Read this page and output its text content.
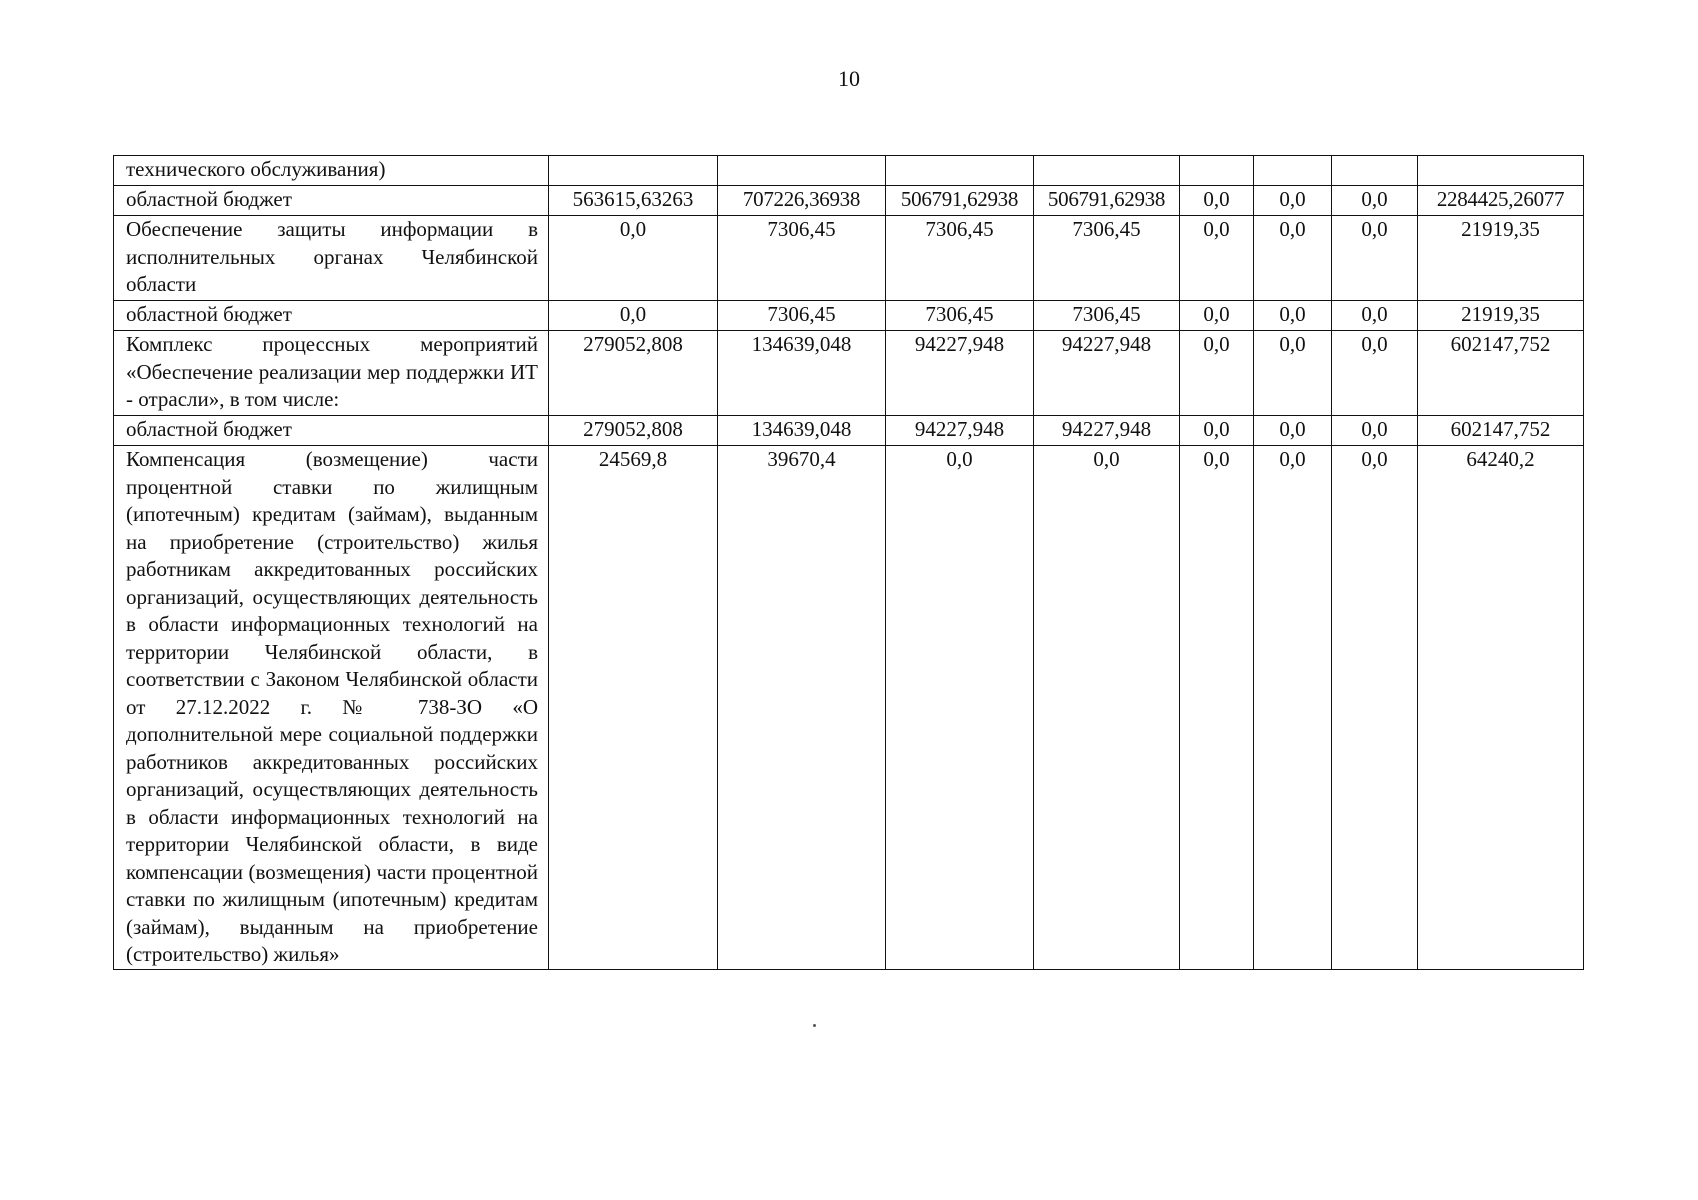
10
технического обслуживания)								
областной бюджет	563615,63263	707226,36938	506791,62938	506791,62938	0,0	0,0	0,0	2284425,26077
Обеспечение защиты информации в исполнительных органах Челябинской области	0,0	7306,45	7306,45	7306,45	0,0	0,0	0,0	21919,35
областной бюджет	0,0	7306,45	7306,45	7306,45	0,0	0,0	0,0	21919,35
Комплекс процессных мероприятий «Обеспечение реализации мер поддержки ИТ - отрасли», в том числе:	279052,808	134639,048	94227,948	94227,948	0,0	0,0	0,0	602147,752
областной бюджет	279052,808	134639,048	94227,948	94227,948	0,0	0,0	0,0	602147,752
Компенсация (возмещение) части процентной ставки по жилищным (ипотечным) кредитам (займам), выданным на приобретение (строительство) жилья работникам аккредитованных российских организаций, осуществляющих деятельность в области информационных технологий на территории Челябинской области, в соответствии с Законом Челябинской области от 27.12.2022 г. № 738-ЗО «О дополнительной мере социальной поддержки работников аккредитованных российских организаций, осуществляющих деятельность в области информационных технологий на территории Челябинской области, в виде компенсации (возмещения) части процентной ставки по жилищным (ипотечным) кредитам (займам), выданным на приобретение (строительство) жилья»	24569,8	39670,4	0,0	0,0	0,0	0,0	0,0	64240,2
